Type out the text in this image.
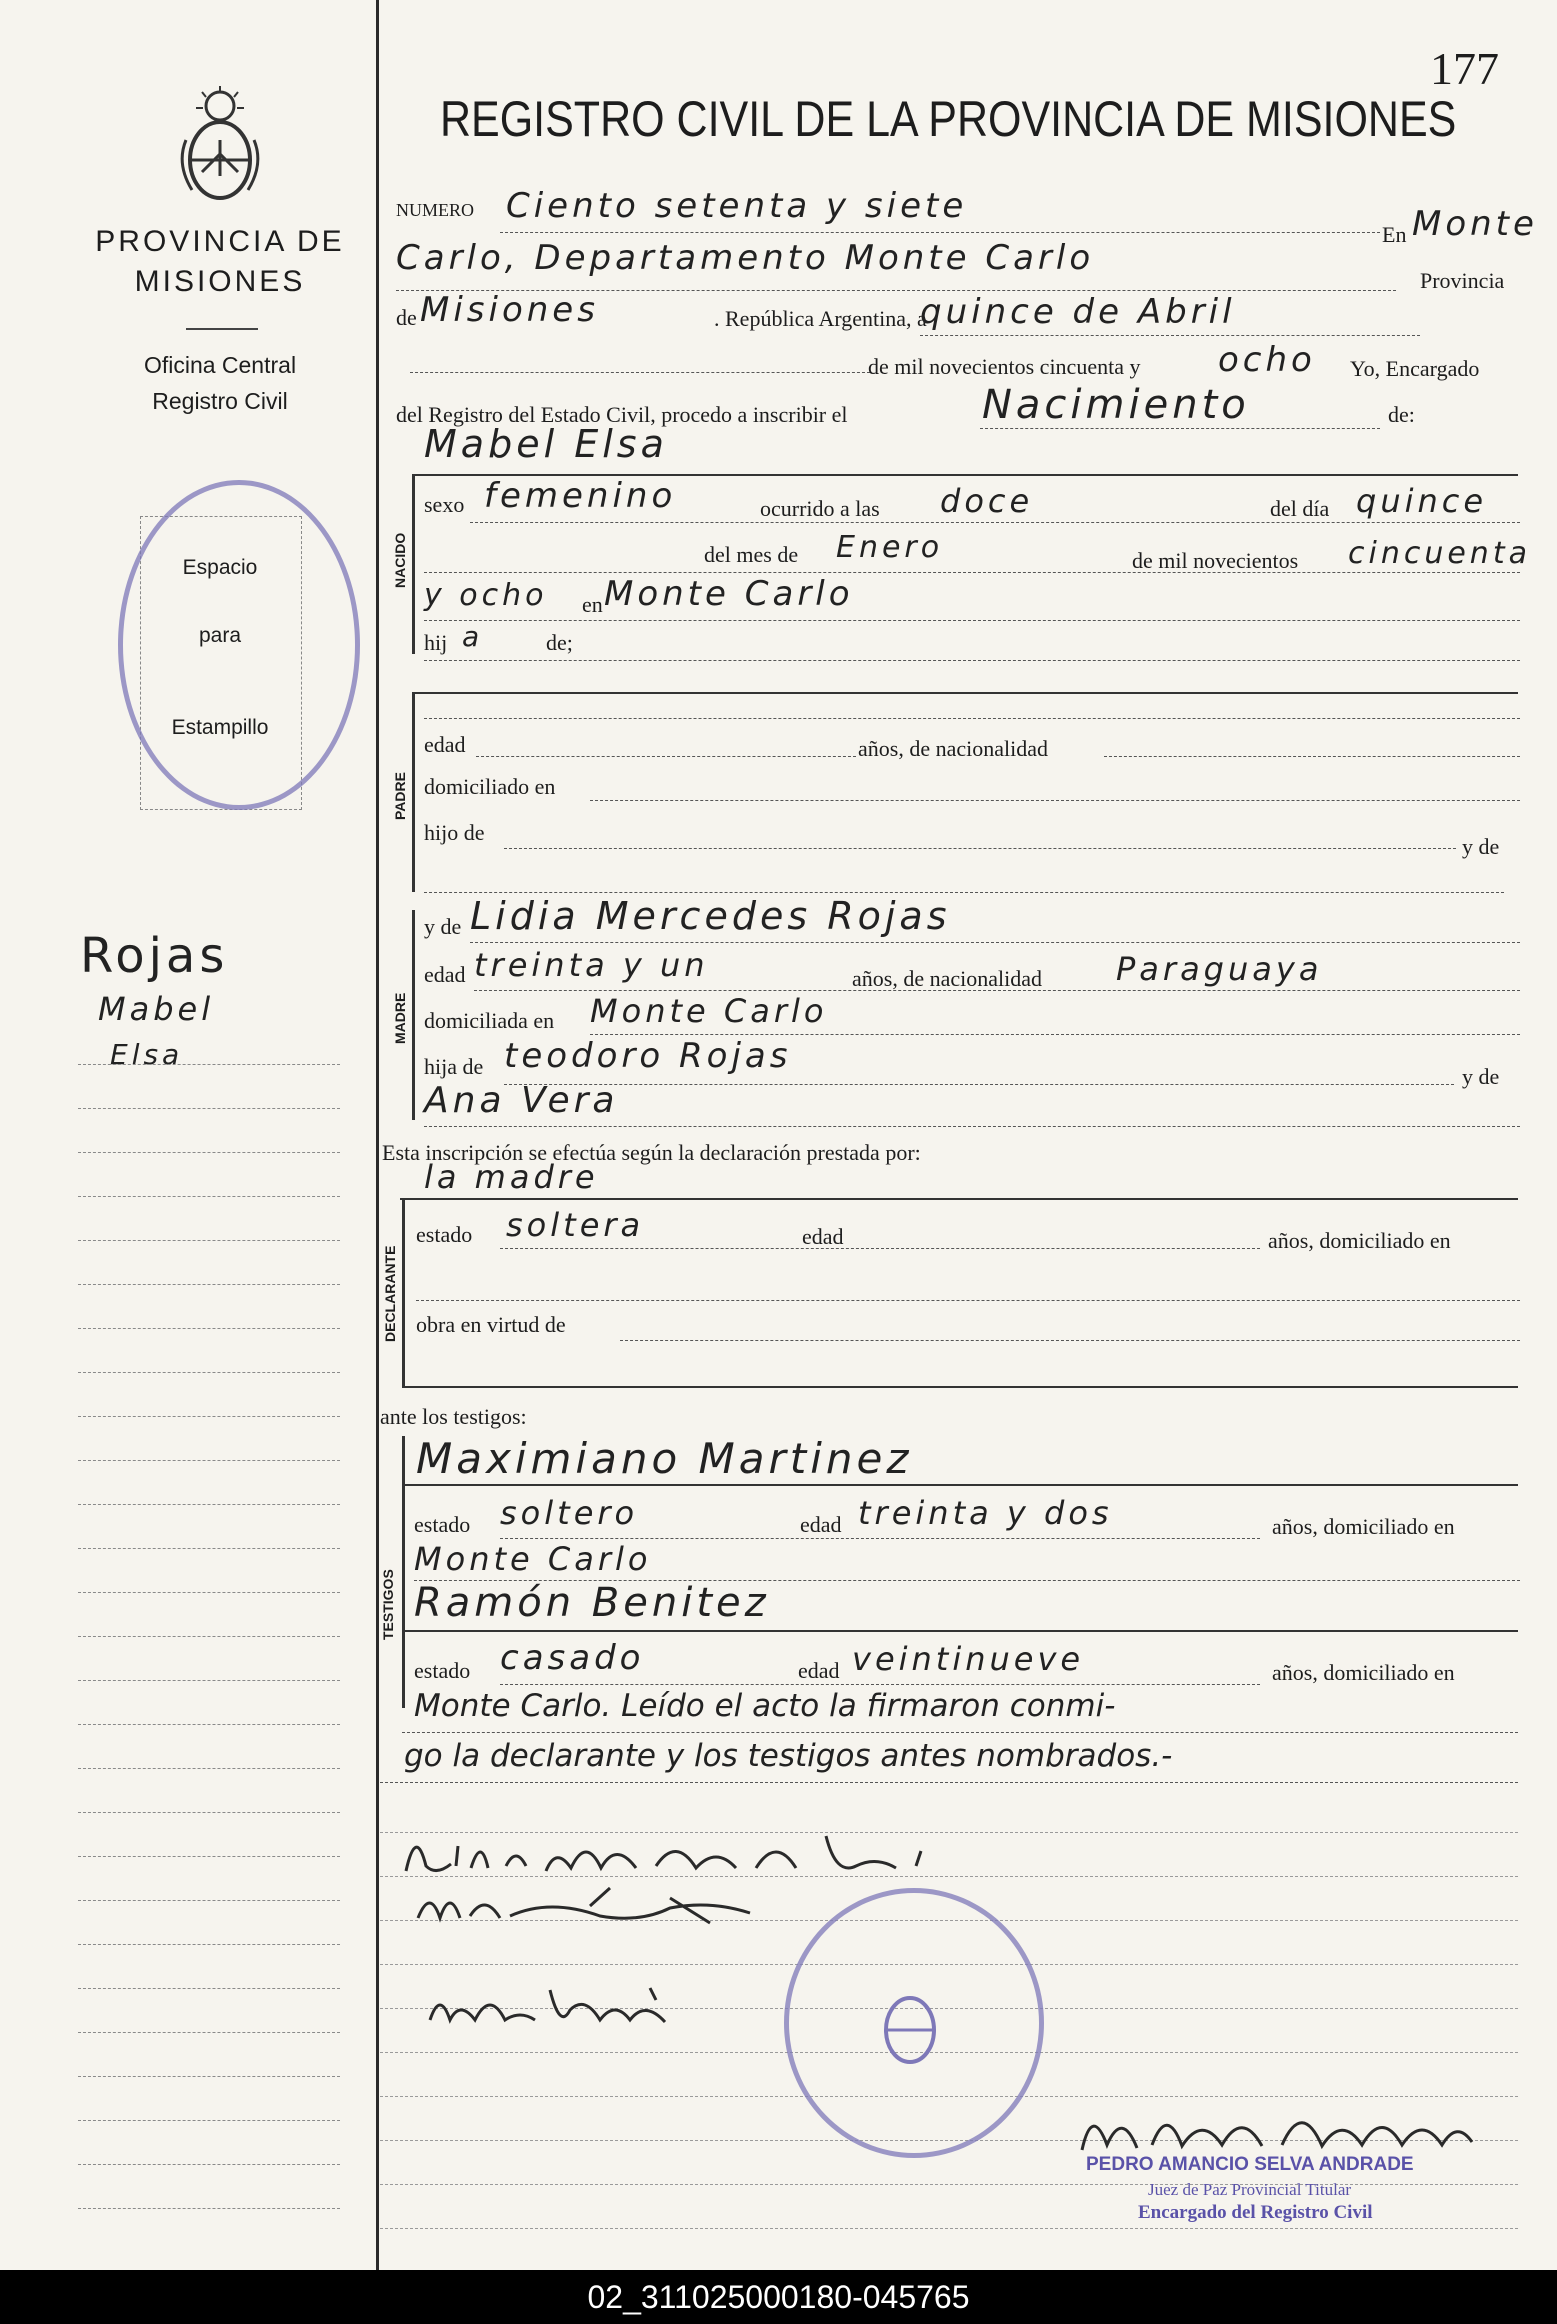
177
PROVINCIA DE MISIONES
Oficina Central
Registro Civil
Espacio
para
Estampillo
Rojas
Mabel
Elsa
REGISTRO CIVIL DE LA PROVINCIA DE MISIONES
NUMERO Ciento setenta y siete
En Monte
Carlo, Departamento Monte Carlo
Provincia
de Misiones	. República Argentina, a
quince de Abril
de mil novecientos cincuenta y ocho Yo, Encargado
del Registro del Estado Civil, procedo a inscribir el	Nacimiento	de:
Mabel Elsa
NACIDO
sexo femenino	ocurrido a las doce	del día quince
del mes de Enero	de mil novecientos cincuenta
y ocho en Monte Carlo
hij a	de;
PADRE
edad	años, de nacionalidad
domiciliado en
hijo de
y de
MADRE
y de Lidia Mercedes Rojas
edad treinta y un	años, de nacionalidad Paraguaya
domiciliada en Monte Carlo
hija de teodoro Rojas
y de
Ana Vera
Esta inscripción se efectúa según la declaración prestada por:
la madre
DECLARANTE
estado soltera	edad	años, domiciliado en
obra en virtud de
ante los testigos:
TESTIGOS
Maximiano Martinez
estado soltero	edad treinta y dos	años, domiciliado en
Monte Carlo
Ramón Benitez
estado casado	edad veintinueve	años, domiciliado en
Monte Carlo. Leído el acto la firmaron conmi-
go la declarante y los testigos antes nombrados.-
PEDRO AMANCIO SELVA ANDRADE
Juez de Paz Provincial Titular
Encargado del Registro Civil
02_311025000180-045765
